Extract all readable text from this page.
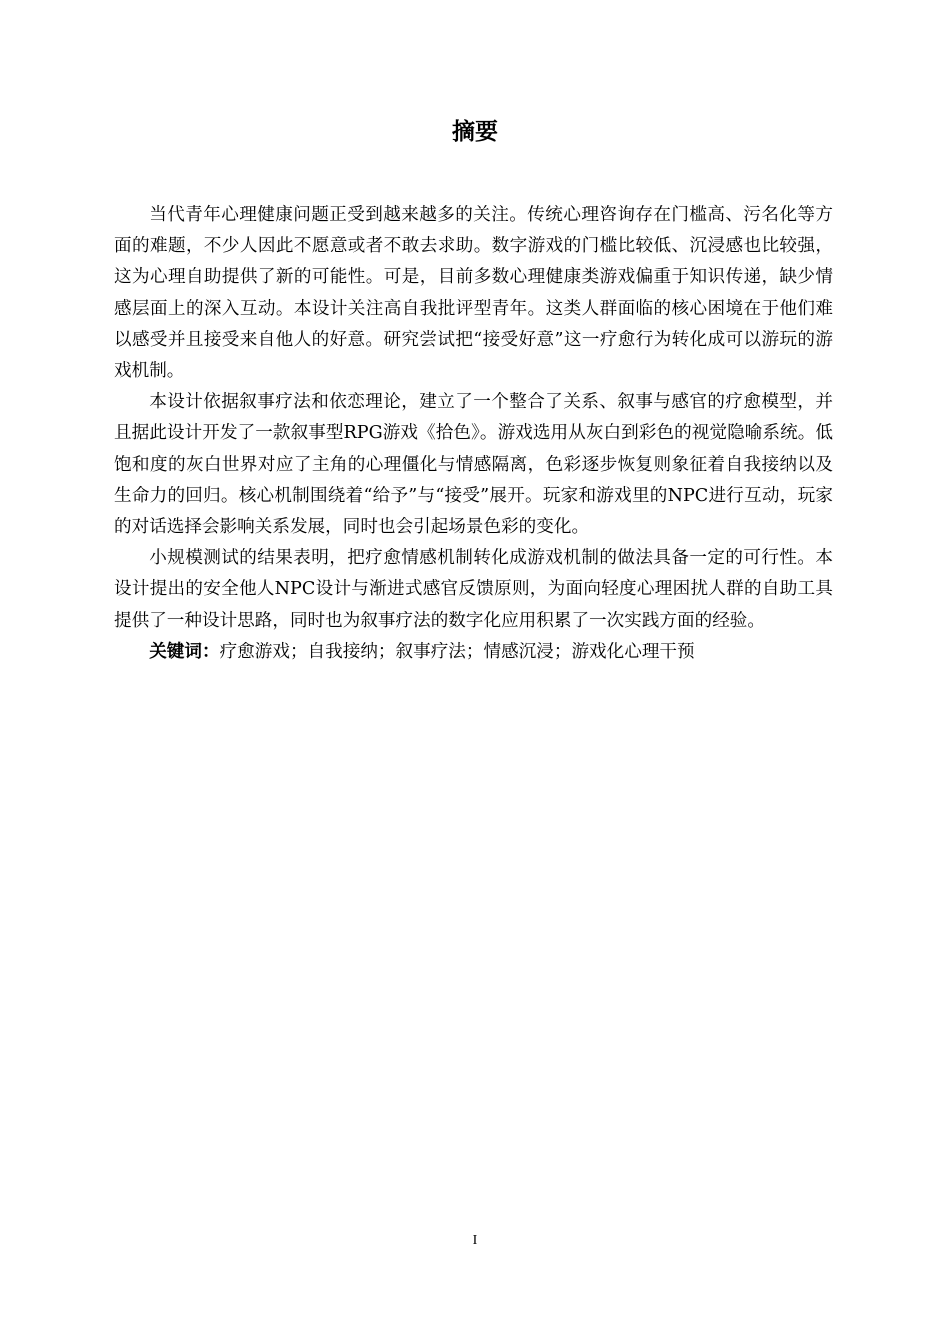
摘要

当代青年心理健康问题正受到越来越多的关注。传统心理咨询存在门槛高、污名化等方面的难题，不少人因此不愿意或者不敢去求助。数字游戏的门槛比较低、沉浸感也比较强，这为心理自助提供了新的可能性。可是，目前多数心理健康类游戏偏重于知识传递，缺少情感层面上的深入互动。本设计关注高自我批评型青年。这类人群面临的核心困境在于他们难以感受并且接受来自他人的好意。研究尝试把“接受好意”这一疗愈行为转化成可以游玩的游戏机制。

本设计依据叙事疗法和依恋理论，建立了一个整合了关系、叙事与感官的疗愈模型，并且据此设计开发了一款叙事型RPG游戏《拾色》。游戏选用从灰白到彩色的视觉隐喻系统。低饱和度的灰白世界对应了主角的心理僵化与情感隔离，色彩逐步恢复则象征着自我接纳以及生命力的回归。核心机制围绕着“给予”与“接受”展开。玩家和游戏里的NPC进行互动，玩家的对话选择会影响关系发展，同时也会引起场景色彩的变化。

小规模测试的结果表明，把疗愈情感机制转化成游戏机制的做法具备一定的可行性。本设计提出的安全他人NPC设计与渐进式感官反馈原则，为面向轻度心理困扰人群的自助工具提供了一种设计思路，同时也为叙事疗法的数字化应用积累了一次实践方面的经验。

关键词：疗愈游戏；自我接纳；叙事疗法；情感沉浸；游戏化心理干预

I
